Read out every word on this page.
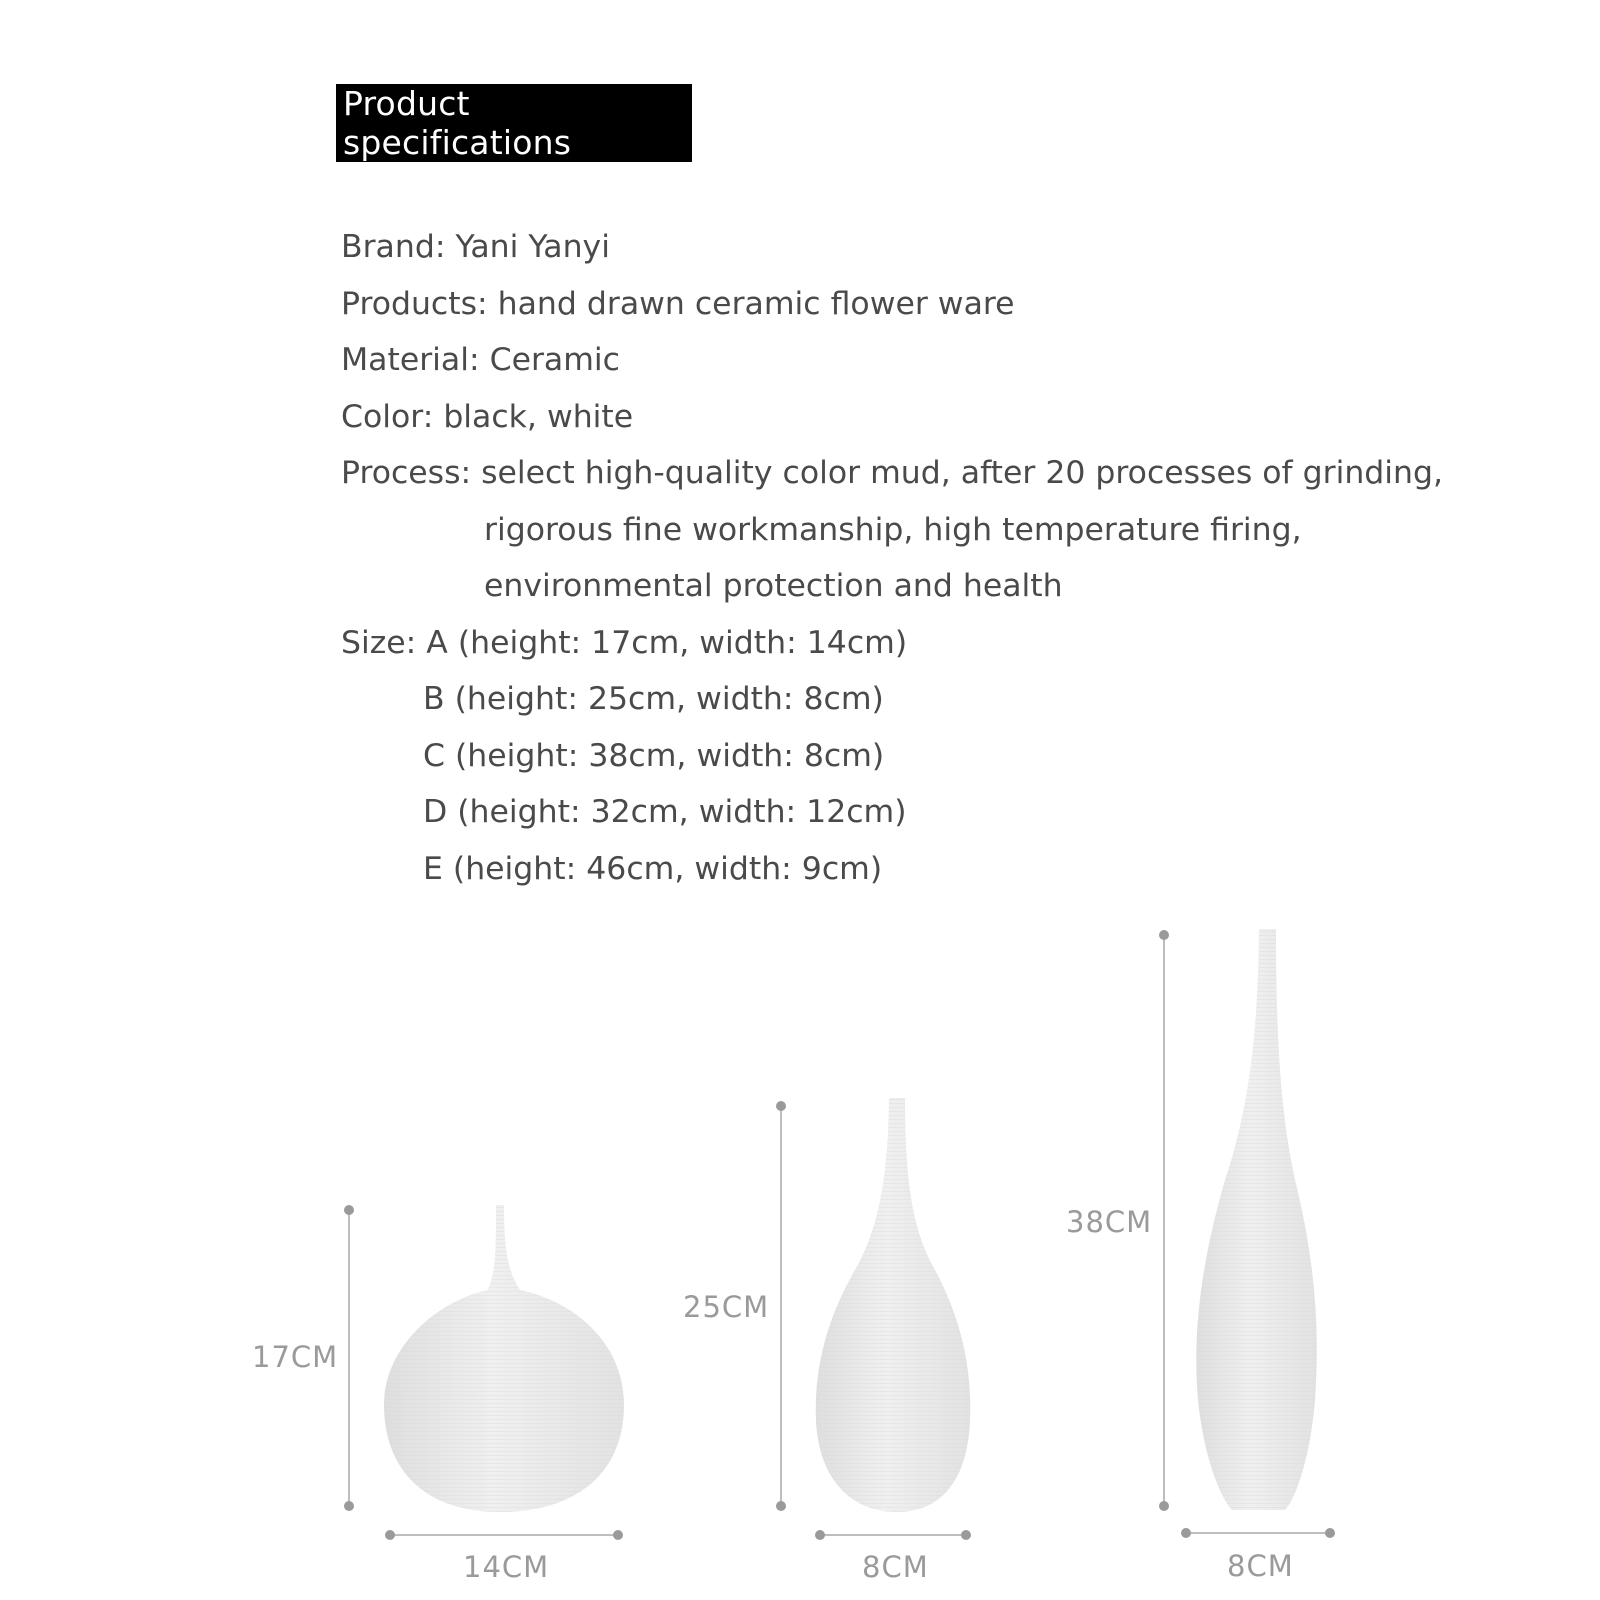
Product specifications
Brand: Yani Yanyi
Products: hand drawn ceramic flower ware
Material: Ceramic
Color: black, white
Process: select high-quality color mud, after 20 processes of grinding,
rigorous fine workmanship, high temperature firing,
environmental protection and health
Size: A (height: 17cm, width: 14cm)
B (height: 25cm, width: 8cm)
C (height: 38cm, width: 8cm)
D (height: 32cm, width: 12cm)
E (height: 46cm, width: 9cm)
17CM
14CM
25CM
8CM
38CM
8CM
